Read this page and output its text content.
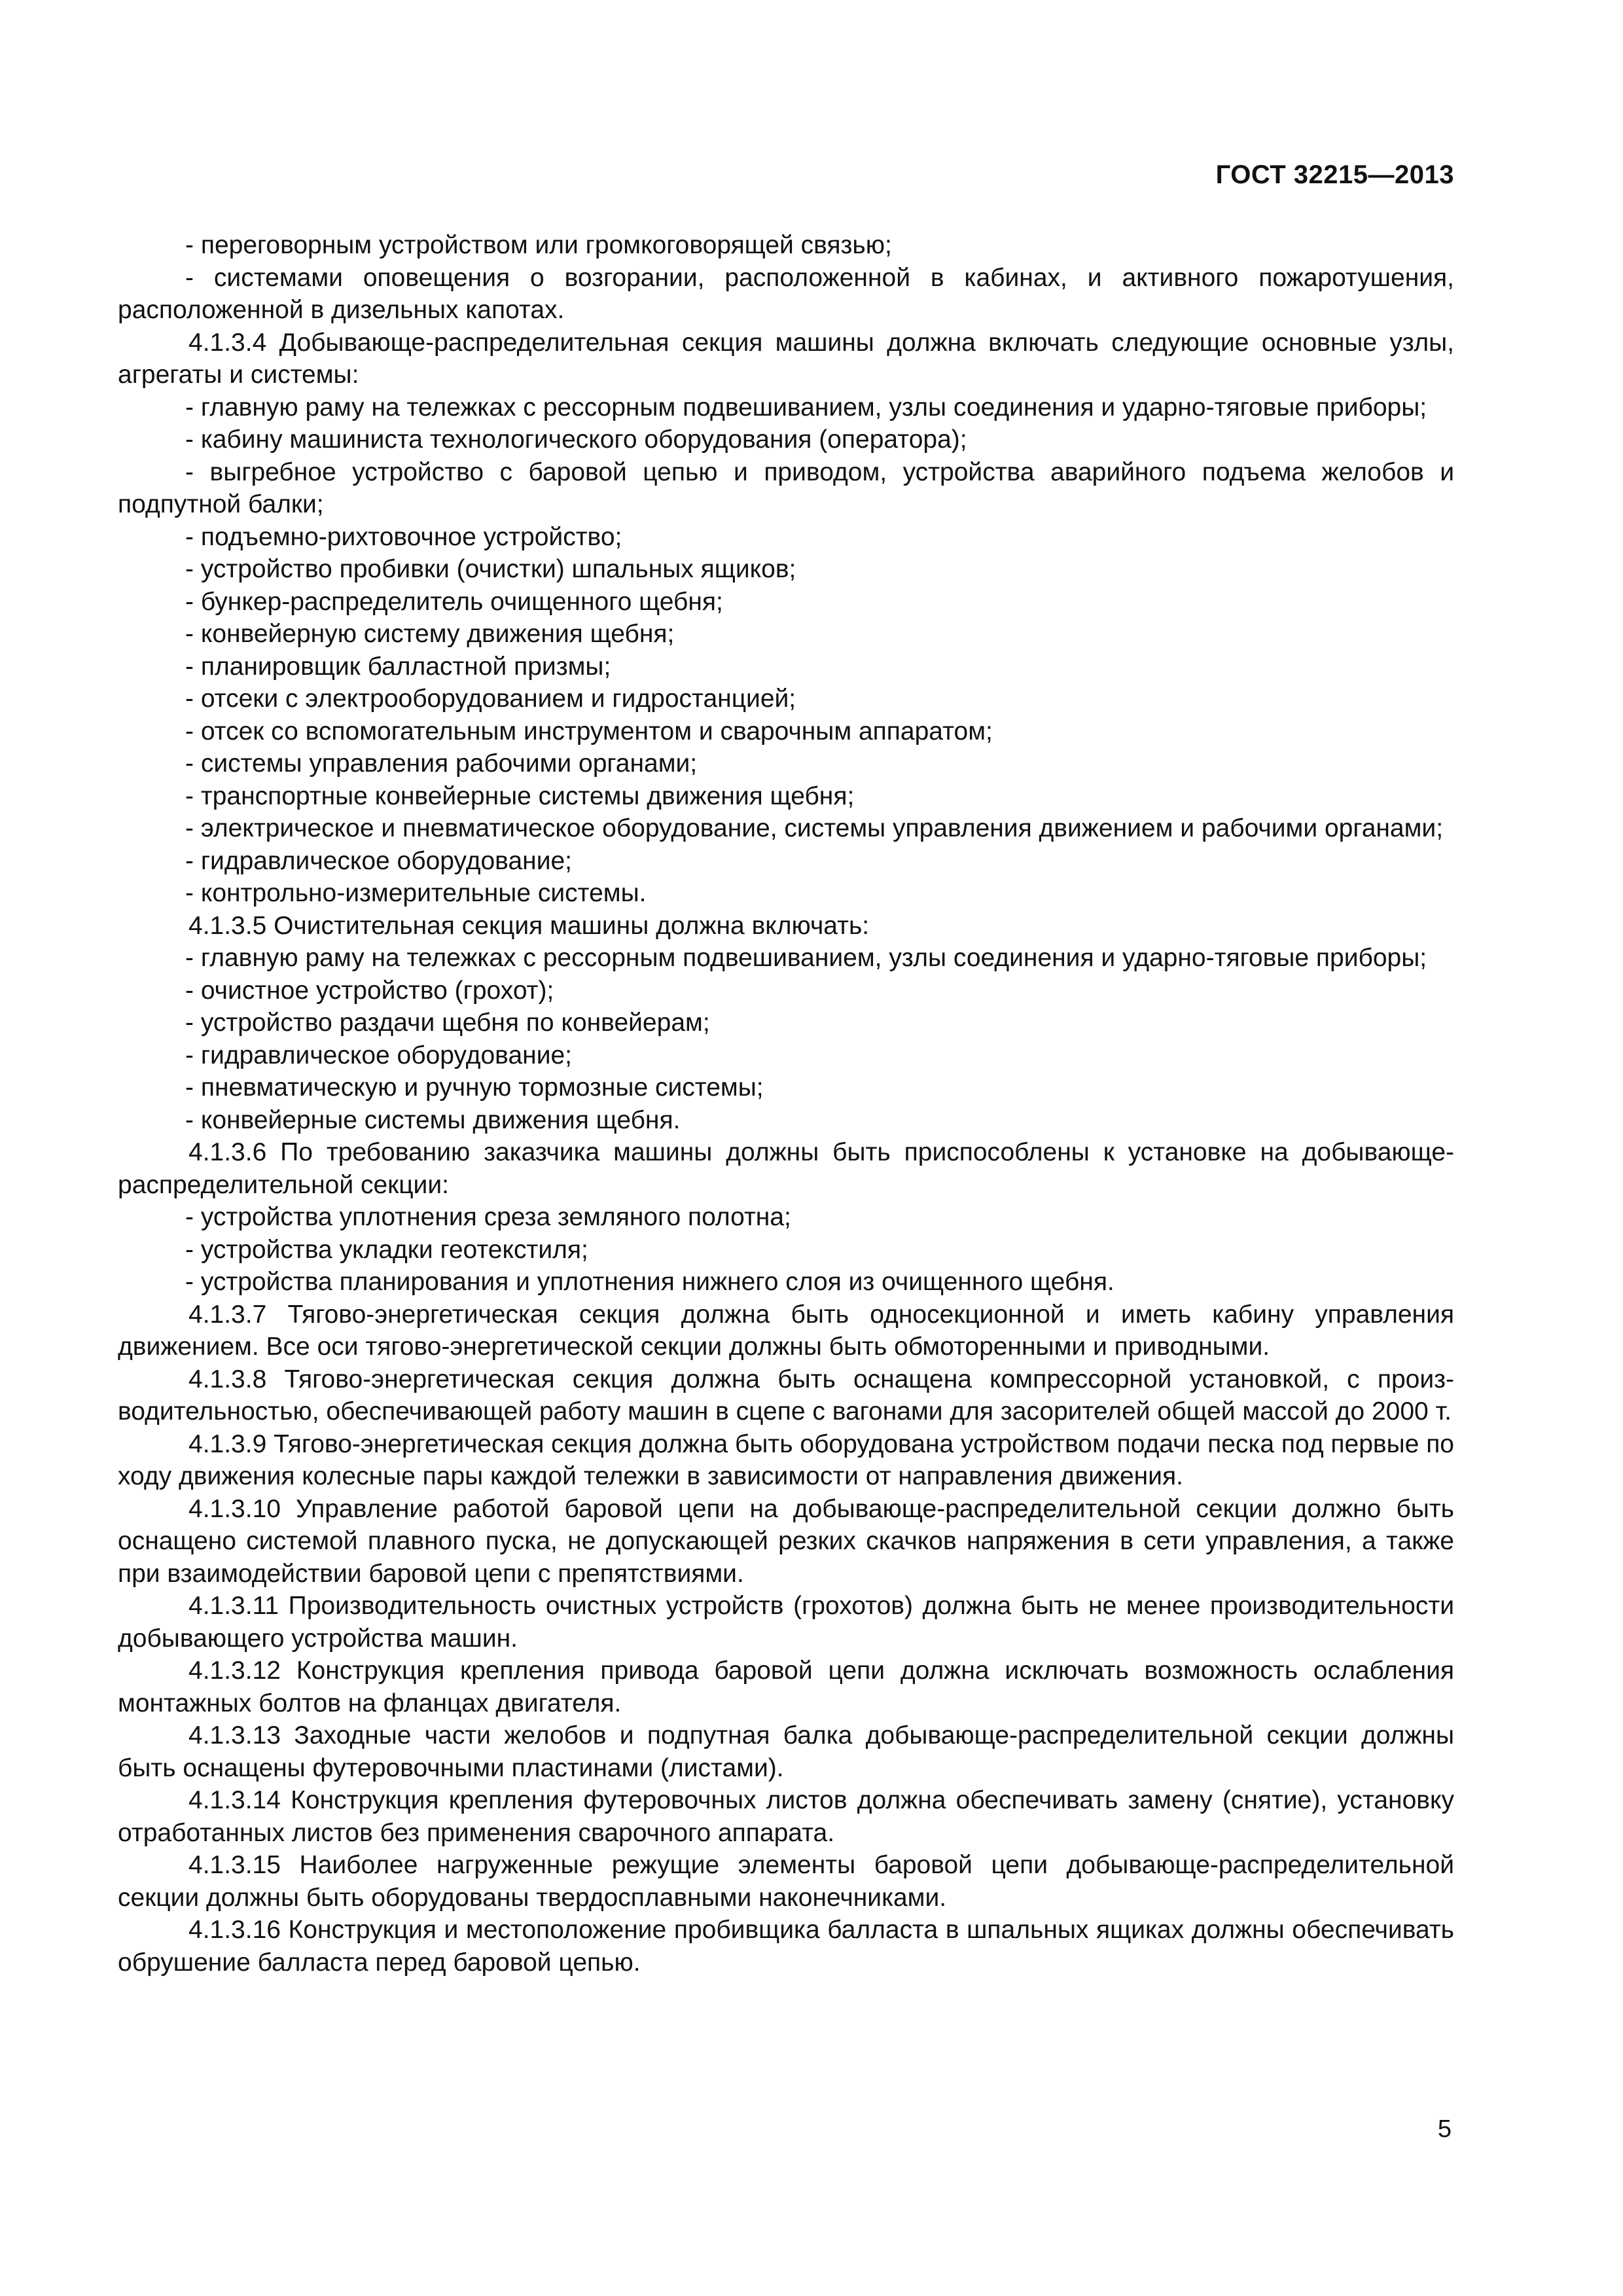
ГОСТ 32215—2013

- переговорным устройством или громкоговорящей связью;

- системами оповещения о возгорании, расположенной в кабинах, и активного пожаротушения, расположенной в дизельных капотах.

4.1.3.4 Добывающе-распределительная секция машины должна включать следующие основные узлы, агрегаты и системы:

- главную раму на тележках с рессорным подвешиванием, узлы соединения и ударно-тяговые приборы;

- кабину машиниста технологического оборудования (оператора);

- выгребное устройство с баровой цепью и приводом, устройства аварийного подъема желобов и подпутной балки;

- подъемно-рихтовочное устройство;

- устройство пробивки (очистки) шпальных ящиков;

- бункер-распределитель очищенного щебня;

- конвейерную систему движения щебня;

- планировщик балластной призмы;

- отсеки с электрооборудованием и гидростанцией;

- отсек со вспомогательным инструментом и сварочным аппаратом;

- системы управления рабочими органами;

- транспортные конвейерные системы движения щебня;

- электрическое и пневматическое оборудование, системы управления движением и рабочими органами;

- гидравлическое оборудование;

- контрольно-измерительные системы.

4.1.3.5 Очистительная секция машины должна включать:

- главную раму на тележках с рессорным подвешиванием, узлы соединения и ударно-тяговые приборы;

- очистное устройство (грохот);

- устройство раздачи щебня по конвейерам;

- гидравлическое оборудование;

- пневматическую и ручную тормозные системы;

- конвейерные системы движения щебня.

4.1.3.6 По требованию заказчика машины должны быть приспособлены к установке на добывающе-распределительной секции:

- устройства уплотнения среза земляного полотна;

- устройства укладки геотекстиля;

- устройства планирования и уплотнения нижнего слоя из очищенного щебня.

4.1.3.7 Тягово-энергетическая секция должна быть односекционной и иметь кабину управления движением. Все оси тягово-энергетической секции должны быть обмоторенными и приводными.

4.1.3.8 Тягово-энергетическая секция должна быть оснащена компрессорной установкой, с производительностью, обеспечивающей работу машин в сцепе с вагонами для засорителей общей массой до 2000 т.

4.1.3.9 Тягово-энергетическая секция должна быть оборудована устройством подачи песка под первые по ходу движения колесные пары каждой тележки в зависимости от направления движения.

4.1.3.10 Управление работой баровой цепи на добывающе-распределительной секции должно быть оснащено системой плавного пуска, не допускающей резких скачков напряжения в сети управления, а также при взаимодействии баровой цепи с препятствиями.

4.1.3.11 Производительность очистных устройств (грохотов) должна быть не менее производительности добывающего устройства машин.

4.1.3.12 Конструкция крепления привода баровой цепи должна исключать возможность ослабления монтажных болтов на фланцах двигателя.

4.1.3.13 Заходные части желобов и подпутная балка добывающе-распределительной секции должны быть оснащены футеровочными пластинами (листами).

4.1.3.14 Конструкция крепления футеровочных листов должна обеспечивать замену (снятие), установку отработанных листов без применения сварочного аппарата.

4.1.3.15 Наиболее нагруженные режущие элементы баровой цепи добывающе-распределительной секции должны быть оборудованы твердосплавными наконечниками.

4.1.3.16 Конструкция и местоположение пробивщика балласта в шпальных ящиках должны обеспечивать обрушение балласта перед баровой цепью.

5
